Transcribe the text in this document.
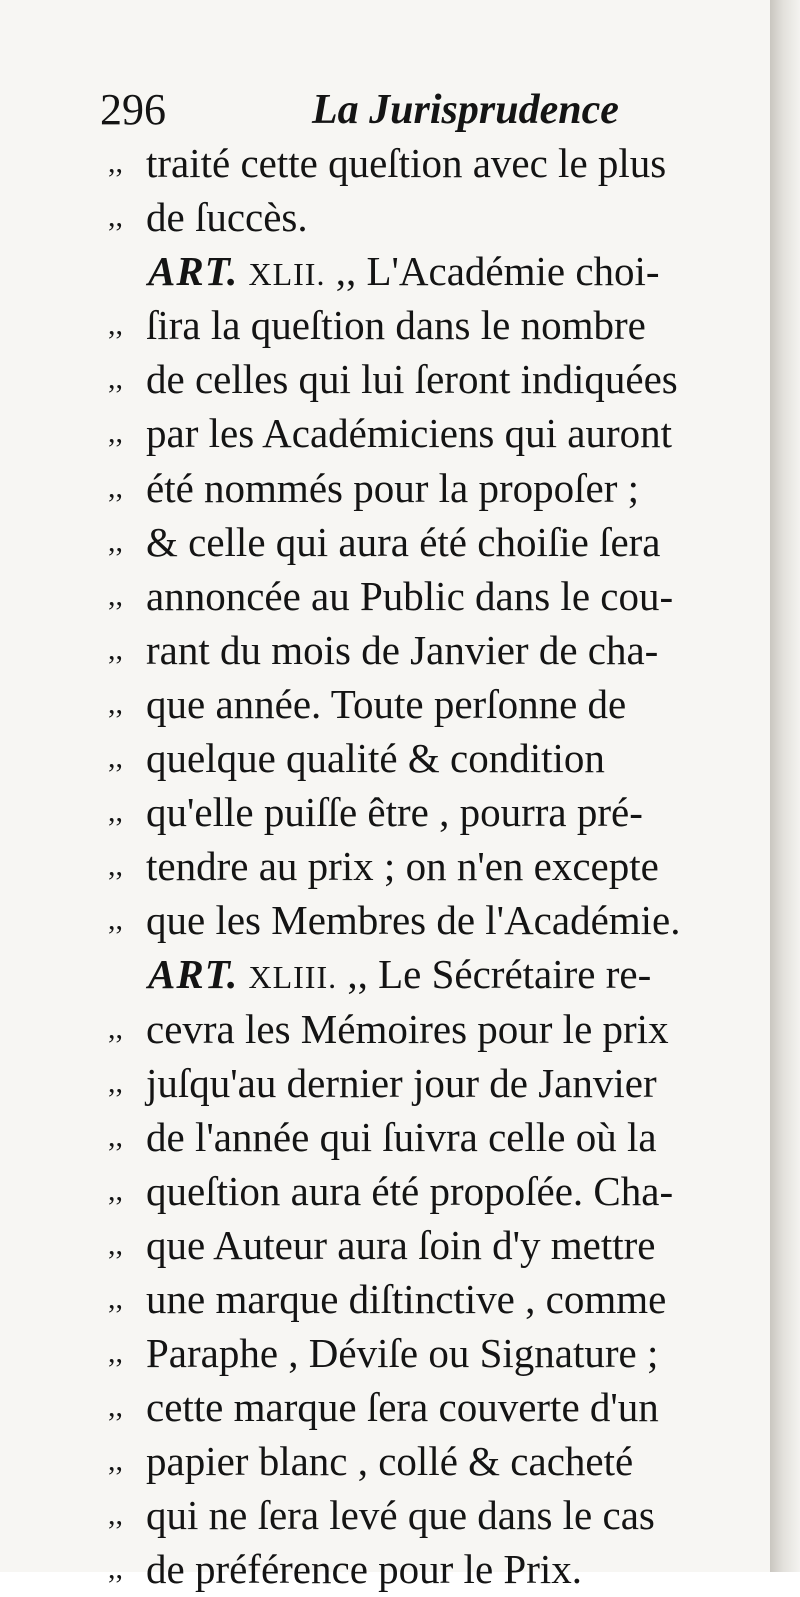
296	La Jurisprudence
,, traité cette queſtion avec le plus
,, de ſuccès.
ART. XLII. ,, L'Académie choi-
,, ſira la queſtion dans le nombre
,, de celles qui lui ſeront indiquées
,, par les Académiciens qui auront
,, été nommés pour la propoſer ;
,, & celle qui aura été choiſie ſera
,, annoncée au Public dans le cou-
,, rant du mois de Janvier de cha-
,, que année. Toute perſonne de
,, quelque qualité & condition
,, qu'elle puiſſe être , pourra pré-
,, tendre au prix ; on n'en excepte
,, que les Membres de l'Académie.
ART. XLIII. ,, Le Sécrétaire re-
,, cevra les Mémoires pour le prix
,, juſqu'au dernier jour de Janvier
,, de l'année qui ſuivra celle où la
,, queſtion aura été propoſée. Cha-
,, que Auteur aura ſoin d'y mettre
,, une marque diſtinctive , comme
,, Paraphe , Déviſe ou Signature ;
,, cette marque ſera couverte d'un
,, papier blanc , collé & cacheté
,, qui ne ſera levé que dans le cas
,, de préférence pour le Prix.
